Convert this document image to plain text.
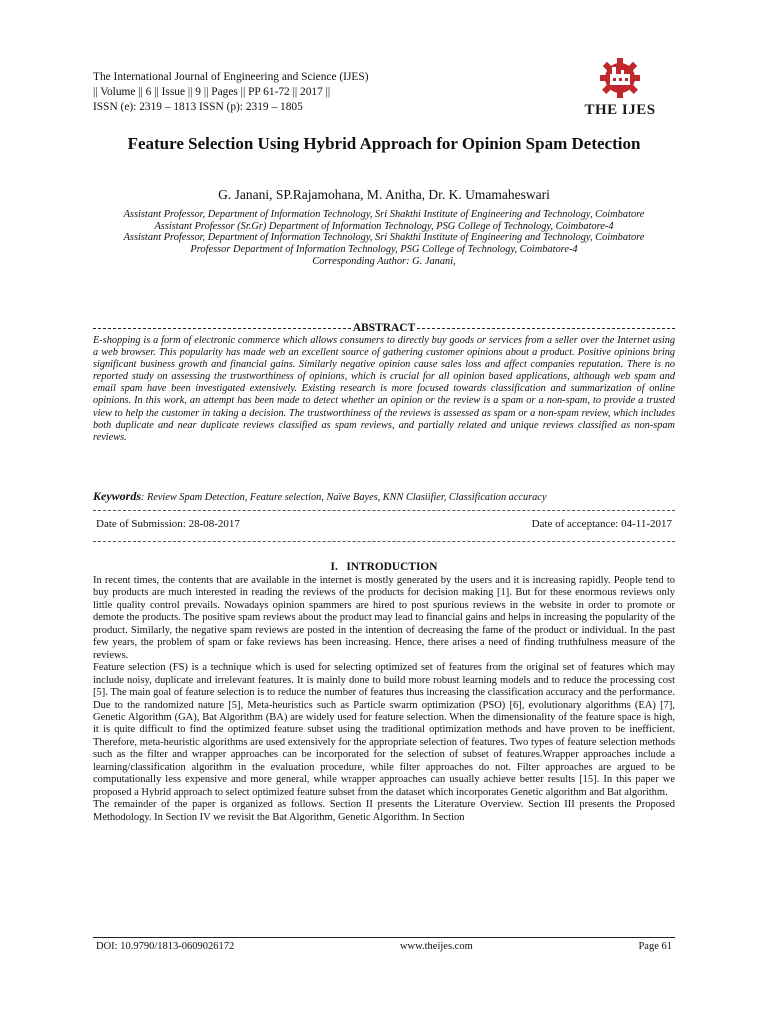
The International Journal of Engineering and Science (IJES)
|| Volume || 6 || Issue || 9 || Pages || PP 61-72 || 2017 ||
ISSN (e): 2319 – 1813 ISSN (p): 2319 – 1805	THE IJES
Feature Selection Using Hybrid Approach for Opinion Spam Detection
G. Janani, SP.Rajamohana, M. Anitha, Dr. K. Umamaheswari
Assistant Professor, Department of Information Technology, Sri Shakthi Institute of Engineering and Technology, Coimbatore
Assistant Professor (Sr.Gr) Department of Information Technology, PSG College of Technology, Coimbatore-4
Assistant Professor, Department of Information Technology, Sri Shakthi Institute of Engineering and Technology, Coimbatore
Professor Department of Information Technology, PSG College of Technology, Coimbatore-4
Corresponding Author: G. Janani,
ABSTRACT

E-shopping is a form of electronic commerce which allows consumers to directly buy goods or services from a seller over the Internet using a web browser. This popularity has made web an excellent source of gathering customer opinions about a product. Positive opinions bring significant business growth and financial gains. Similarly negative opinion cause sales loss and affect companies reputation. There is no reported study on assessing the trustworthiness of opinions, which is crucial for all opinion based applications, although web spam and email spam have been investigated extensively. Existing research is more focused towards classification and summarization of online opinions. In this work, an attempt has been made to detect whether an opinion or the review is a spam or a non-spam, to provide a trusted view to help the customer in taking a decision. The trustworthiness of the reviews is assessed as spam or a non-spam review, which includes both duplicate and near duplicate reviews classified as spam reviews, and partially related and unique reviews classified as non-spam reviews.

Keywords: Review Spam Detection, Feature selection, Naïve Bayes, KNN Clasiifier, Classification accuracy
Date of Submission: 28-08-2017	Date of acceptance: 04-11-2017
I.   INTRODUCTION

In recent times, the contents that are available in the internet is mostly generated by the users and it is increasing rapidly. People tend to buy products are much interested in reading the reviews of the products for decision making [1]. But for these enormous reviews only little quality control prevails. Nowadays opinion spammers are hired to post spurious reviews in the website in order to promote or demote the products. The positive spam reviews about the product may lead to financial gains and helps in increasing the popularity of the product. Similarly, the negative spam reviews are posted in the intention of decreasing the fame of the product or individual. In the past few years, the problem of spam or fake reviews has been increasing. Hence, there arises a need of finding truthfulness measure of the reviews.

Feature selection (FS) is a technique which is used for selecting optimized set of features from the original set of features which may include noisy, duplicate and irrelevant features. It is mainly done to build more robust learning models and to reduce the processing cost [5]. The main goal of feature selection is to reduce the number of features thus increasing the classification accuracy and the performance. Due to the randomized nature [5], Meta-heuristics such as Particle swarm optimization (PSO) [6], evolutionary algorithms (EA) [7], Genetic Algorithm (GA), Bat Algorithm (BA) are widely used for feature selection. When the dimensionality of the feature space is high, it is quite difficult to find the optimized feature subset using the traditional optimization methods and have proven to be inefficient. Therefore, meta-heuristic algorithms are used extensively for the appropriate selection of features. Two types of feature selection methods such as the filter and wrapper approaches can be incorporated for the selection of subset of features.Wrapper approaches include a learning/classification algorithm in the evaluation procedure, while filter approaches do not. Filter approaches are argued to be computationally less expensive and more general, while wrapper approaches can usually achieve better results [15]. In this paper we proposed a Hybrid approach to select optimized feature subset from the dataset which incorporates Genetic algorithm and Bat algorithm.

The remainder of the paper is organized as follows. Section II presents the Literature Overview. Section III presents the Proposed Methodology. In Section IV we revisit the Bat Algorithm, Genetic Algorithm. In Section

DOI: 10.9790/1813-0609026172	www.theijes.com	Page 61
